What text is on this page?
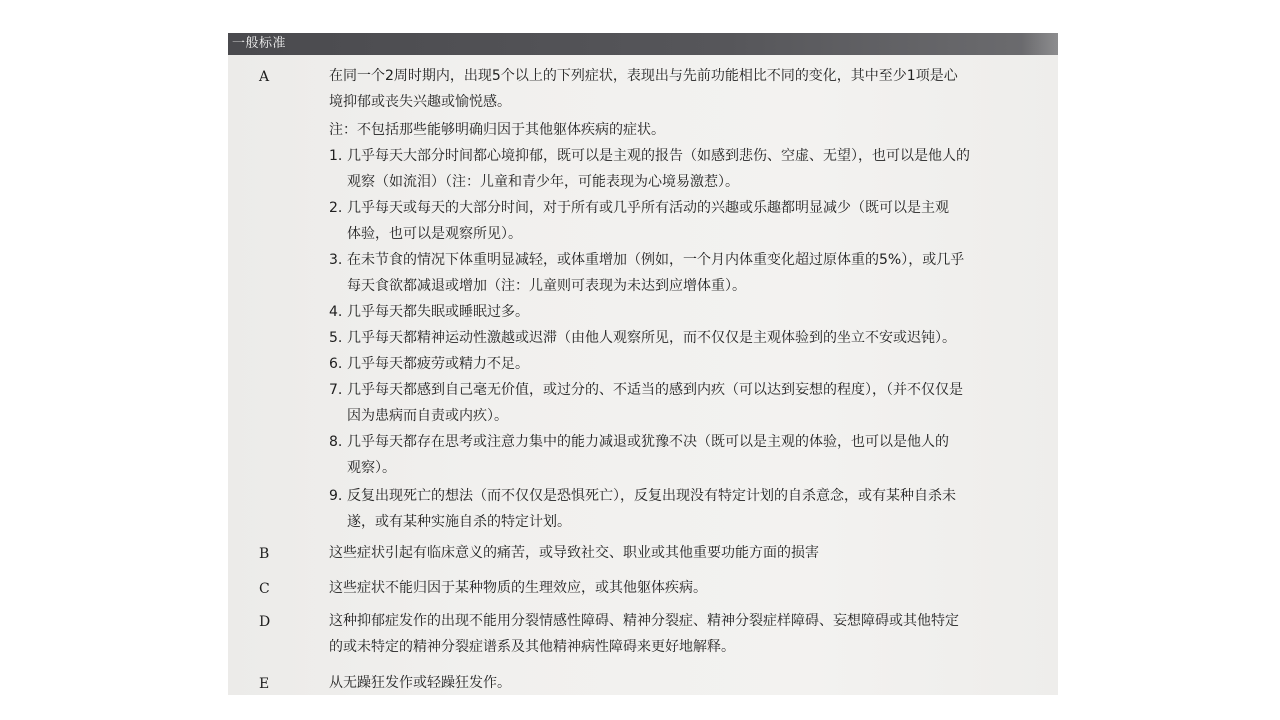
一般标准
A	在同一个2周时期内，出现5个以上的下列症状，表现出与先前功能相比不同的变化，其中至少1项是心
境抑郁或丧失兴趣或愉悦感。
注：不包括那些能够明确归因于其他躯体疾病的症状。
1. 几乎每天大部分时间都心境抑郁，既可以是主观的报告（如感到悲伤、空虚、无望），也可以是他人的
观察（如流泪）（注：儿童和青少年，可能表现为心境易激惹）。
2. 几乎每天或每天的大部分时间，对于所有或几乎所有活动的兴趣或乐趣都明显减少（既可以是主观
体验，也可以是观察所见）。
3. 在未节食的情况下体重明显减轻，或体重增加（例如，一个月内体重变化超过原体重的5%），或几乎
每天食欲都减退或增加（注：儿童则可表现为未达到应增体重）。
4. 几乎每天都失眠或睡眠过多。
5. 几乎每天都精神运动性激越或迟滞（由他人观察所见，而不仅仅是主观体验到的坐立不安或迟钝）。
6. 几乎每天都疲劳或精力不足。
7. 几乎每天都感到自己毫无价值，或过分的、不适当的感到内疚（可以达到妄想的程度），（并不仅仅是
因为患病而自责或内疚）。
8. 几乎每天都存在思考或注意力集中的能力减退或犹豫不决（既可以是主观的体验，也可以是他人的
观察）。
9. 反复出现死亡的想法（而不仅仅是恐惧死亡），反复出现没有特定计划的自杀意念，或有某种自杀未
遂，或有某种实施自杀的特定计划。
B	这些症状引起有临床意义的痛苦，或导致社交、职业或其他重要功能方面的损害
C	这些症状不能归因于某种物质的生理效应，或其他躯体疾病。
D	这种抑郁症发作的出现不能用分裂情感性障碍、精神分裂症、精神分裂症样障碍、妄想障碍或其他特定
的或未特定的精神分裂症谱系及其他精神病性障碍来更好地解释。
E	从无躁狂发作或轻躁狂发作。
